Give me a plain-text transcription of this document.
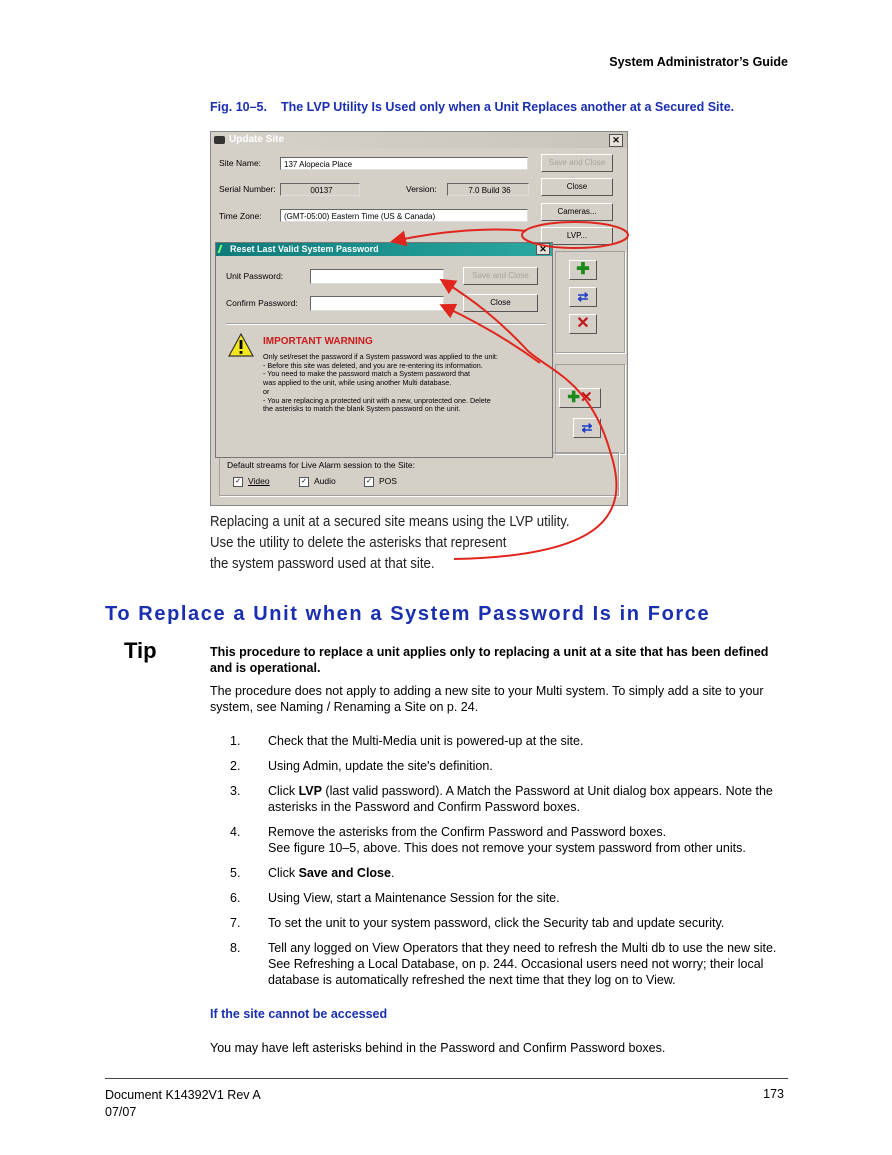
System Administrator’s Guide
Fig. 10–5. The LVP Utility Is Used only when a Unit Replaces another at a Secured Site.
Update Site	✕
Site Name:	137 Alopecia Place
Serial Number:	00137	Version:	7.0 Build 36
Time Zone:	(GMT-05:00) Eastern Time (US & Canada)
Save and Close
Close
Cameras...
LVP...
✚
⇄
✕
✚✕
⇄
Default streams for Live Alarm session to the Site:
✓ Video	✓ Audio	✓ POS
Reset Last Valid System Password	✕
Unit Password:
Confirm Password:
Save and Close
Close
IMPORTANT WARNING
Only set/reset the password if a System password was applied to the unit:
- Before this site was deleted, and you are re-entering its information.
- You need to make the password match a System password that
was applied to the unit, while using another Multi database.
or
- You are replacing a protected unit with a new, unprotected one. Delete
the asterisks to match the blank System password on the unit.
Replacing a unit at a secured site means using the LVP utility.
Use the utility to delete the asterisks that represent
the system password used at that site.
To Replace a Unit when a System Password Is in Force
Tip	This procedure to replace a unit applies only to replacing a unit at a site that has been defined and is operational.
The procedure does not apply to adding a new site to your Multi system. To simply add a site to your system, see Naming / Renaming a Site on p. 24.
1. Check that the Multi-Media unit is powered-up at the site.
2. Using Admin, update the site's definition.
3. Click LVP (last valid password). A Match the Password at Unit dialog box appears. Note the asterisks in the Password and Confirm Password boxes.
4. Remove the asterisks from the Confirm Password and Password boxes.
See figure 10–5, above. This does not remove your system password from other units.
5. Click Save and Close.
6. Using View, start a Maintenance Session for the site.
7. To set the unit to your system password, click the Security tab and update security.
8. Tell any logged on View Operators that they need to refresh the Multi db to use the new site. See Refreshing a Local Database, on p. 244. Occasional users need not worry; their local database is automatically refreshed the next time that they log on to View.
If the site cannot be accessed
You may have left asterisks behind in the Password and Confirm Password boxes.
Document K14392V1 Rev A
07/07
173
